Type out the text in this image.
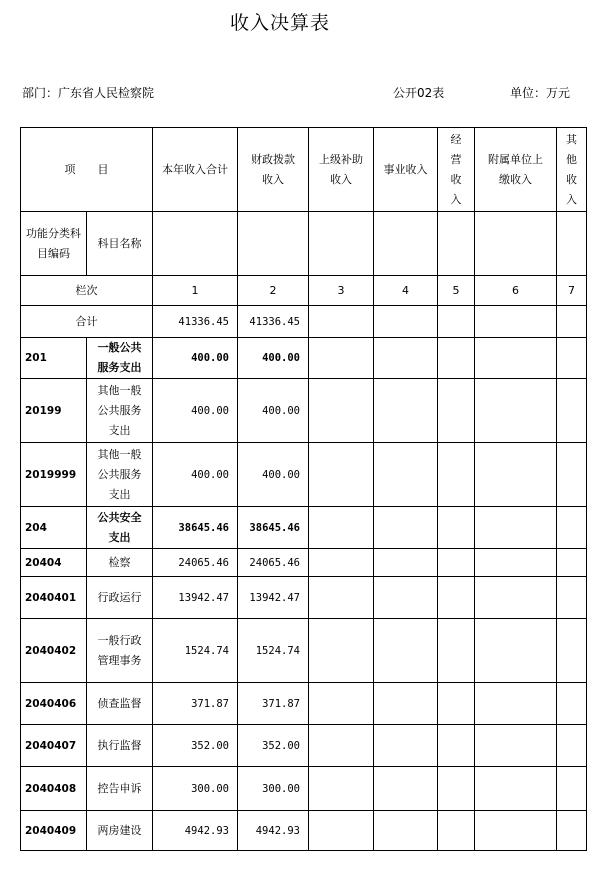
收入决算表
部门：广东省人民检察院	公开02表	单位：万元
项　　目		本年收入合计	财政拨款收入	上级补助收入	事业收入	经营收入	附属单位上缴收入	其他收入
功能分类科目编码	科目名称							
栏次		1	2	3	4	5	6	7
合计		41336.45	41336.45					
201	一般公共服务支出	400.00	400.00					
20199	其他一般公共服务支出	400.00	400.00					
2019999	其他一般公共服务支出	400.00	400.00					
204	公共安全支出	38645.46	38645.46					
20404	检察	24065.46	24065.46					
2040401	行政运行	13942.47	13942.47					
2040402	一般行政管理事务	1524.74	1524.74					
2040406	侦查监督	371.87	371.87					
2040407	执行监督	352.00	352.00					
2040408	控告申诉	300.00	300.00					
2040409	两房建设	4942.93	4942.93					
